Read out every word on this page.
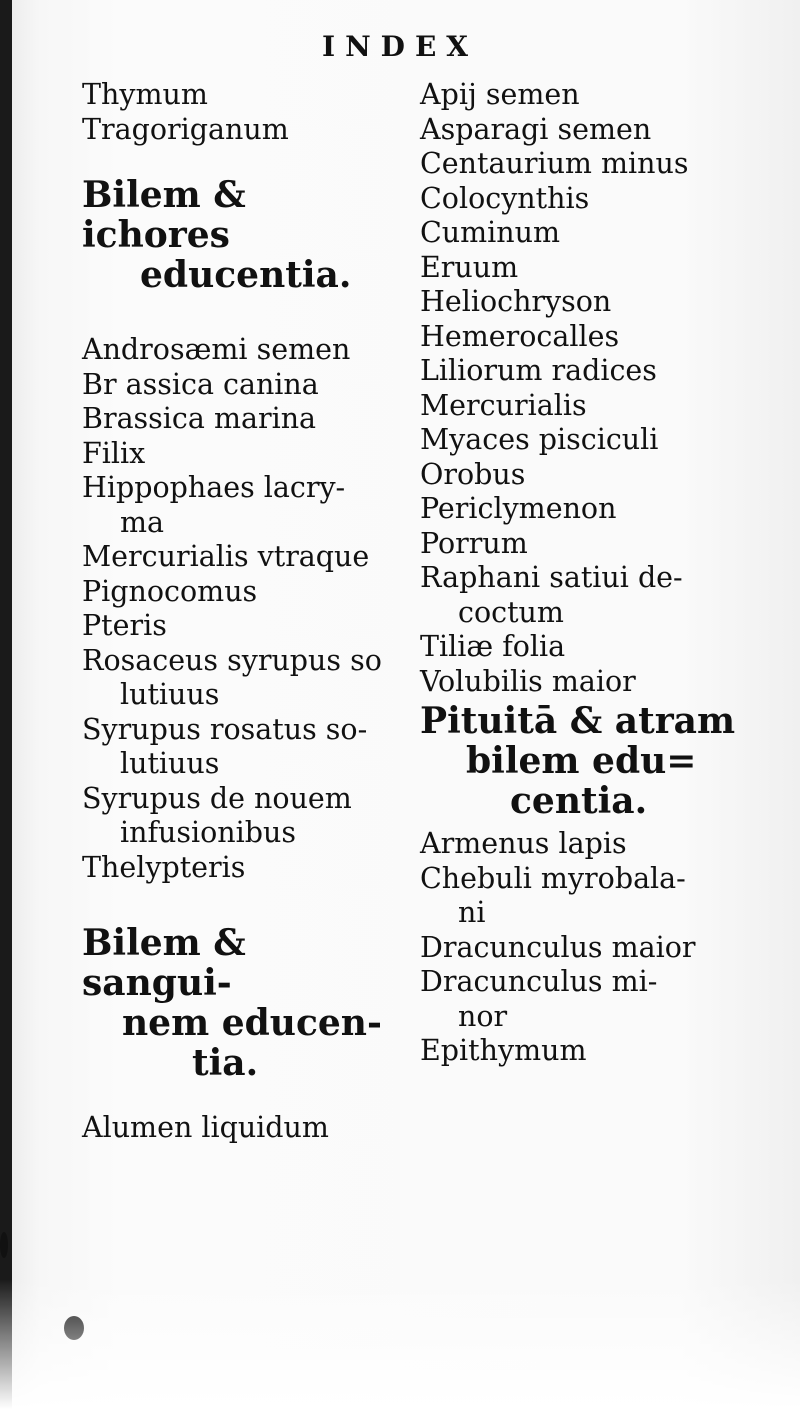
INDEX
Thymum
Tragoriganum
Bilem & ichores
educentia.
Androsæmi semen
Br assica canina
Brassica marina
Filix
Hippophaes lacry-
ma
Mercurialis vtraque
Pignocomus
Pteris
Rosaceus syrupus so
lutiuus
Syrupus rosatus so-
lutiuus
Syrupus de nouem
infusionibus
Thelypteris
Bilem & sangui-
nem educen-
tia.
Alumen liquidum
Apij semen
Asparagi semen
Centaurium minus
Colocynthis
Cuminum
Eruum
Heliochryson
Hemerocalles
Liliorum radices
Mercurialis
Myaces pisciculi
Orobus
Periclymenon
Porrum
Raphani satiui de-
coctum
Tiliæ folia
Volubilis maior
Pituitā & atram
bilem edu=
centia.
Armenus lapis
Chebuli myrobala-
ni
Dracunculus maior
Dracunculus mi-
nor
Epithymum
